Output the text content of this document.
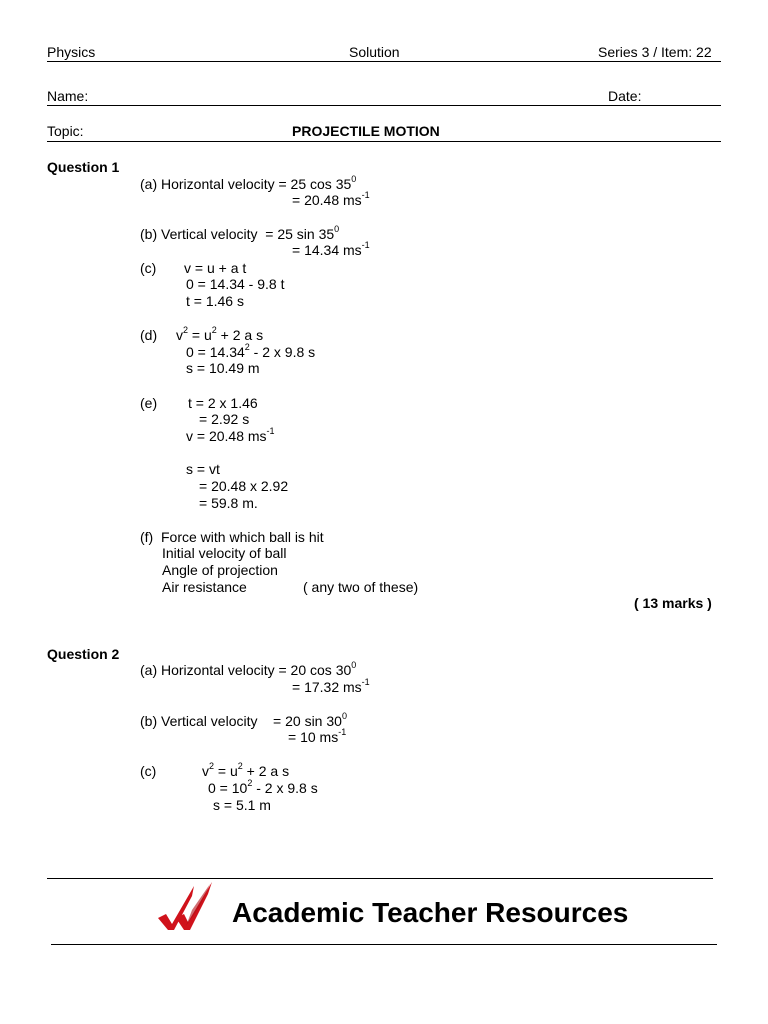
Physics	Solution	Series 3 / Item: 22
Name:	Date:
Topic:	PROJECTILE MOTION
Question 1
(a) Horizontal velocity = 25 $\cos 35^0$
= 20.48 $ms^{-1}$
(b) Vertical velocity  = 25 $\sin 35^0$
= 14.34 $ms^{-1}$
(c) v = u + a t
0 = 14.34 - 9.8 t
t = 1.46 s
(d) $v^2 = u^2 + 2$ a s
$0 = 14.34^2 - 2$ x 9.8 s
s = 10.49 m
(e) t = 2 x 1.46
= 2.92 s
v = 20.48 $ms^{-1}$
s = vt
= 20.48 x 2.92
= 59.8 m.
(f)  Force with which ball is hit
Initial velocity of ball
Angle of projection
Air resistance	( any two of these)
( 13 marks )
Question 2
(a) Horizontal velocity = 20 $\cos 30^0$
= 17.32 $ms^{-1}$
(b) Vertical velocity    = 20 $\sin 30^0$
= 10 $ms^{-1}$
(c)	$v^2 = u^2 + 2$ a s
$0 = 10^2 - 2$ x 9.8 s
s = 5.1 m
Academic Teacher Resources
